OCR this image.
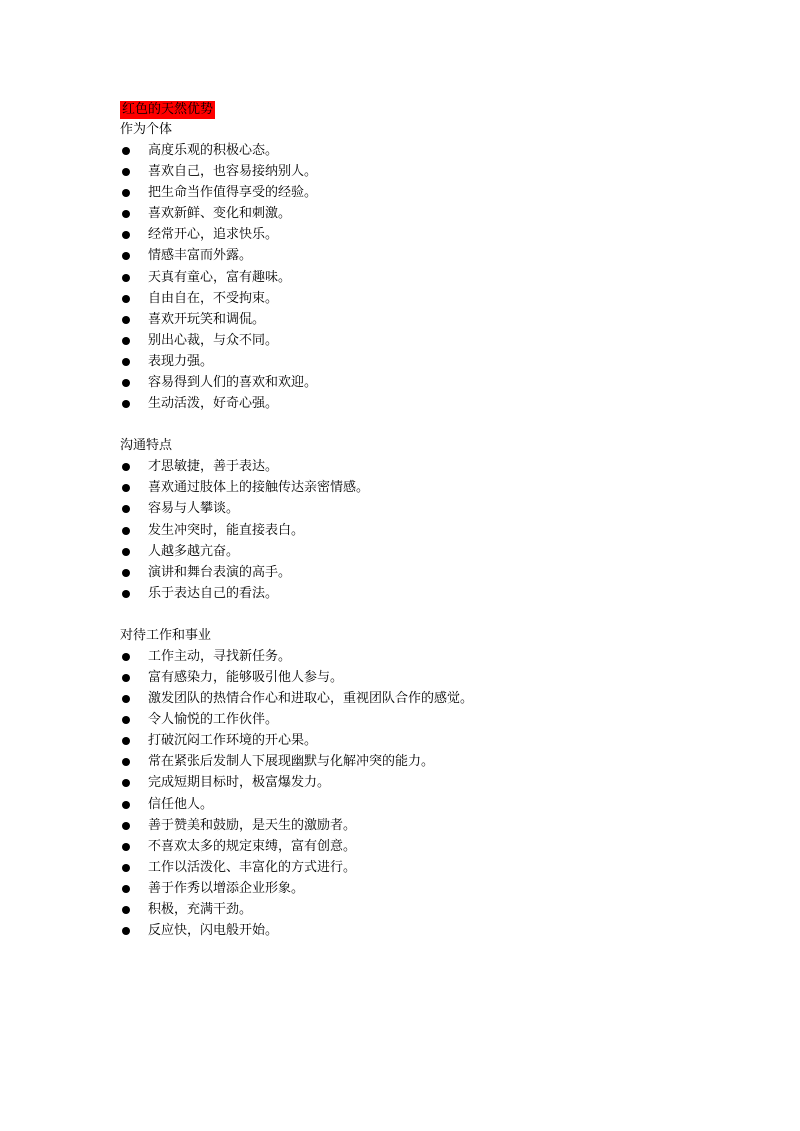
红色的天然优势

作为个体

高度乐观的积极心态。
喜欢自己，也容易接纳别人。
把生命当作值得享受的经验。
喜欢新鲜、变化和刺激。
经常开心，追求快乐。
情感丰富而外露。
天真有童心，富有趣味。
自由自在，不受拘束。
喜欢开玩笑和调侃。
别出心裁，与众不同。
表现力强。
容易得到人们的喜欢和欢迎。
生动活泼，好奇心强。

沟通特点

才思敏捷，善于表达。
喜欢通过肢体上的接触传达亲密情感。
容易与人攀谈。
发生冲突时，能直接表白。
人越多越亢奋。
演讲和舞台表演的高手。
乐于表达自己的看法。

对待工作和事业

工作主动，寻找新任务。
富有感染力，能够吸引他人参与。
激发团队的热情合作心和进取心，重视团队合作的感觉。
令人愉悦的工作伙伴。
打破沉闷工作环境的开心果。
常在紧张后发制人下展现幽默与化解冲突的能力。
完成短期目标时，极富爆发力。
信任他人。
善于赞美和鼓励，是天生的激励者。
不喜欢太多的规定束缚，富有创意。
工作以活泼化、丰富化的方式进行。
善于作秀以增添企业形象。
积极，充满干劲。
反应快，闪电般开始。
